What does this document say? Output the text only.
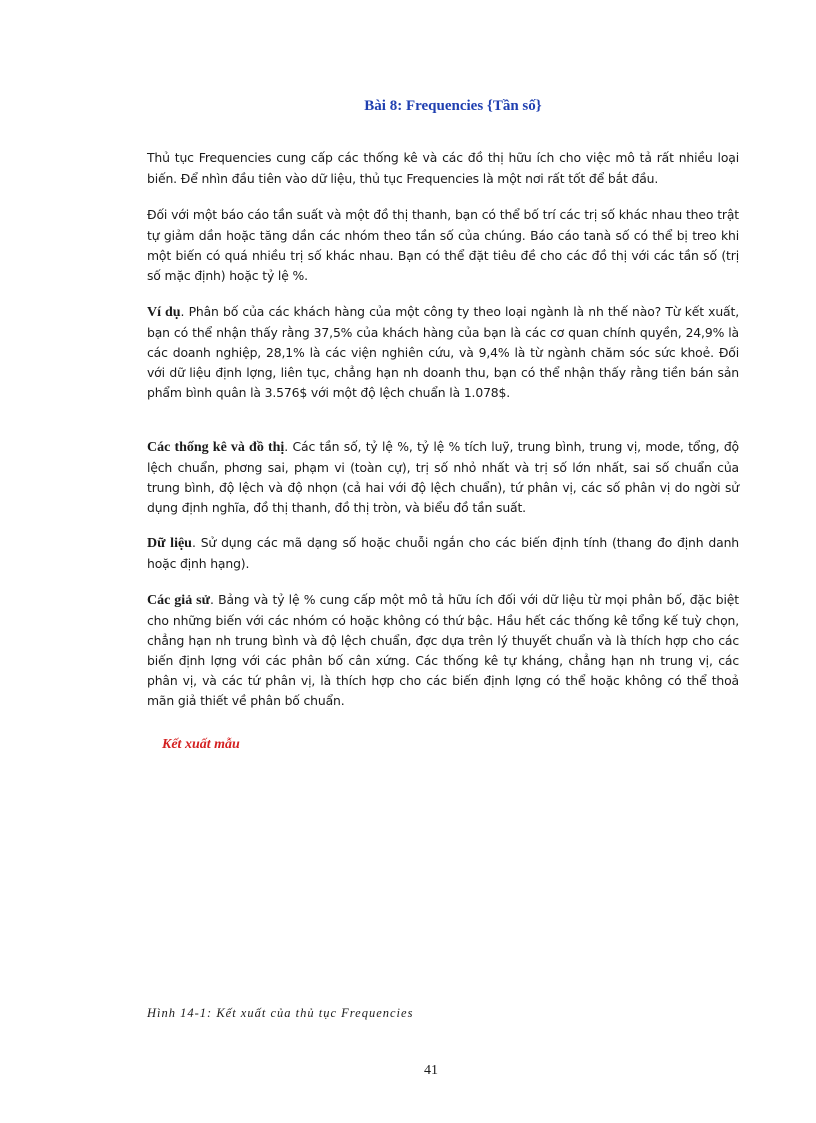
Bài 8: Frequencies {Tần số}

Thủ tục Frequencies cung cấp các thống kê và các đồ thị hữu ích cho việc mô tả rất nhiều loại biến. Để nhìn đầu tiên vào dữ liệu, thủ tục Frequencies là một nơi rất tốt để bắt đầu.

Đối với một báo cáo tần suất và một đồ thị thanh, bạn có thể bố trí các trị số khác nhau theo trật tự giảm dần hoặc tăng dần các nhóm theo tần số của chúng. Báo cáo tanà số có thể bị treo khi một biến có quá nhiều trị số khác nhau. Bạn có thể đặt tiêu đề cho các đồ thị với các tần số (trị số mặc định) hoặc tỷ lệ %.

Ví dụ. Phân bố của các khách hàng của một công ty theo loại ngành là nh thế nào? Từ kết xuất, bạn có thể nhận thấy rằng 37,5% của khách hàng của bạn là các cơ quan chính quyền, 24,9% là các doanh nghiệp, 28,1% là các viện nghiên cứu, và 9,4% là từ ngành chăm sóc sức khoẻ. Đối với dữ liệu định lợng, liên tục, chẳng hạn nh doanh thu, bạn có thể nhận thấy rằng tiền bán sản phẩm bình quân là 3.576$ với một độ lệch chuẩn là 1.078$.

Các thống kê và đồ thị. Các tần số, tỷ lệ %, tỷ lệ % tích luỹ, trung bình, trung vị, mode, tổng, độ lệch chuẩn, phơng sai, phạm vi (toàn cự), trị số nhỏ nhất và trị số lớn nhất, sai số chuẩn của trung bình, độ lệch và độ nhọn (cả hai với độ lệch chuẩn), tứ phân vị, các số phân vị do ngời sử dụng định nghĩa, đồ thị thanh, đồ thị tròn, và biểu đồ tần suất.

Dữ liệu. Sử dụng các mã dạng số hoặc chuỗi ngắn cho các biến định tính (thang đo định danh hoặc định hạng).

Các giả sử. Bảng và tỷ lệ % cung cấp một mô tả hữu ích đối với dữ liệu từ mọi phân bố, đặc biệt cho những biến với các nhóm có hoặc không có thứ bậc. Hầu hết các thống kê tổng kế tuỳ chọn, chẳng hạn nh trung bình và độ lệch chuẩn, đợc dựa trên lý thuyết chuẩn và là thích hợp cho các biến định lợng với các phân bố cân xứng. Các thống kê tự kháng, chẳng hạn nh trung vị, các phân vị, và các tứ phân vị, là thích hợp cho các biến định lợng có thể hoặc không có thể thoả mãn giả thiết về phân bố chuẩn.

Kết xuất mẫu

Hình 14-1: Kết xuất của thủ tục Frequencies

41
